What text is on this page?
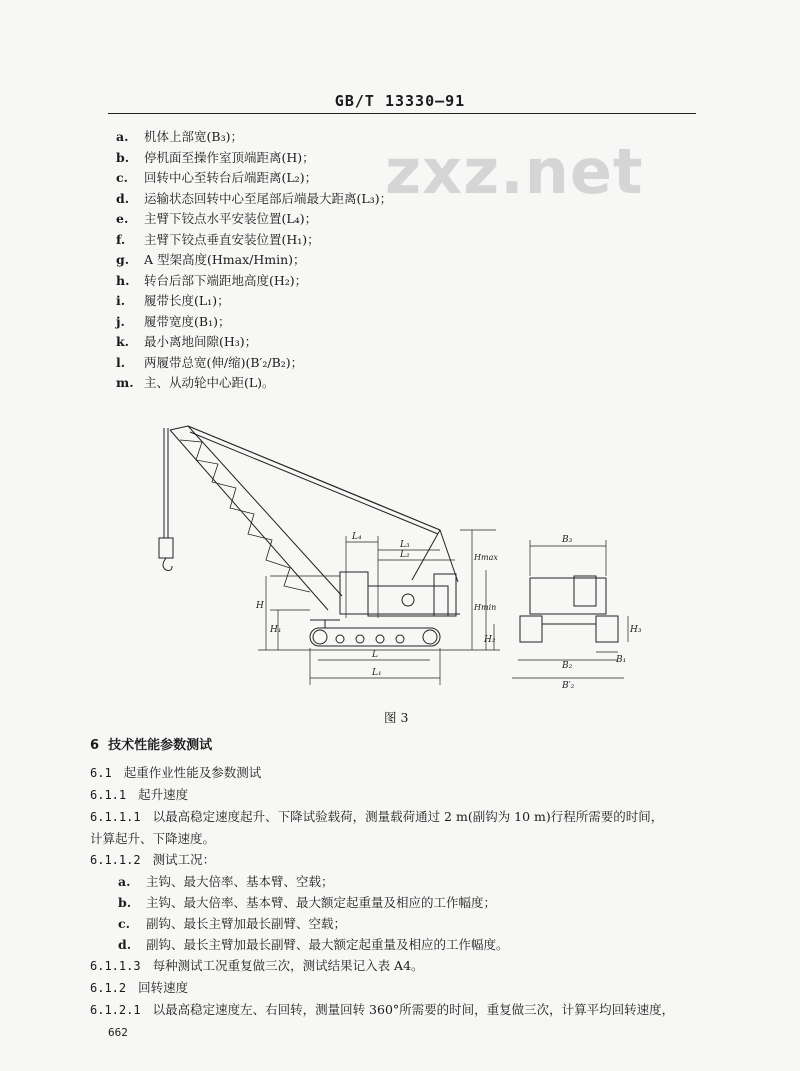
GB/T 13330—91
zxz.net
a. 机体上部宽(B₃)；
b. 停机面至操作室顶端距离(H)；
c. 回转中心至转台后端距离(L₂)；
d. 运输状态回转中心至尾部后端最大距离(L₃)；
e. 主臂下铰点水平安装位置(L₄)；
f. 主臂下铰点垂直安装位置(H₁)；
g. A 型架高度(Hmax/Hmin)；
h. 转台后部下端距地高度(H₂)；
i. 履带长度(L₁)；
j. 履带宽度(B₁)；
k. 最小离地间隙(H₃)；
l. 两履带总宽(伸/缩)(B′₂/B₂)；
m. 主、从动轮中心距(L)。
L₄
L₃
L₂
L
L₁
H
H₁
H₂
Hmax
Hmin
B₃
B₂
B′₂
B₁
H₃
图 3
6 技术性能参数测试
6.1 起重作业性能及参数测试
6.1.1 起升速度
6.1.1.1 以最高稳定速度起升、下降试验载荷，测量载荷通过 2 m(副钩为 10 m)行程所需要的时间，
计算起升、下降速度。
6.1.1.2 测试工况：
a. 主钩、最大倍率、基本臂、空载；
b. 主钩、最大倍率、基本臂、最大额定起重量及相应的工作幅度；
c. 副钩、最长主臂加最长副臂、空载；
d. 副钩、最长主臂加最长副臂、最大额定起重量及相应的工作幅度。
6.1.1.3 每种测试工况重复做三次，测试结果记入表 A4。
6.1.2 回转速度
6.1.2.1 以最高稳定速度左、右回转，测量回转 360°所需要的时间，重复做三次，计算平均回转速度，
662
